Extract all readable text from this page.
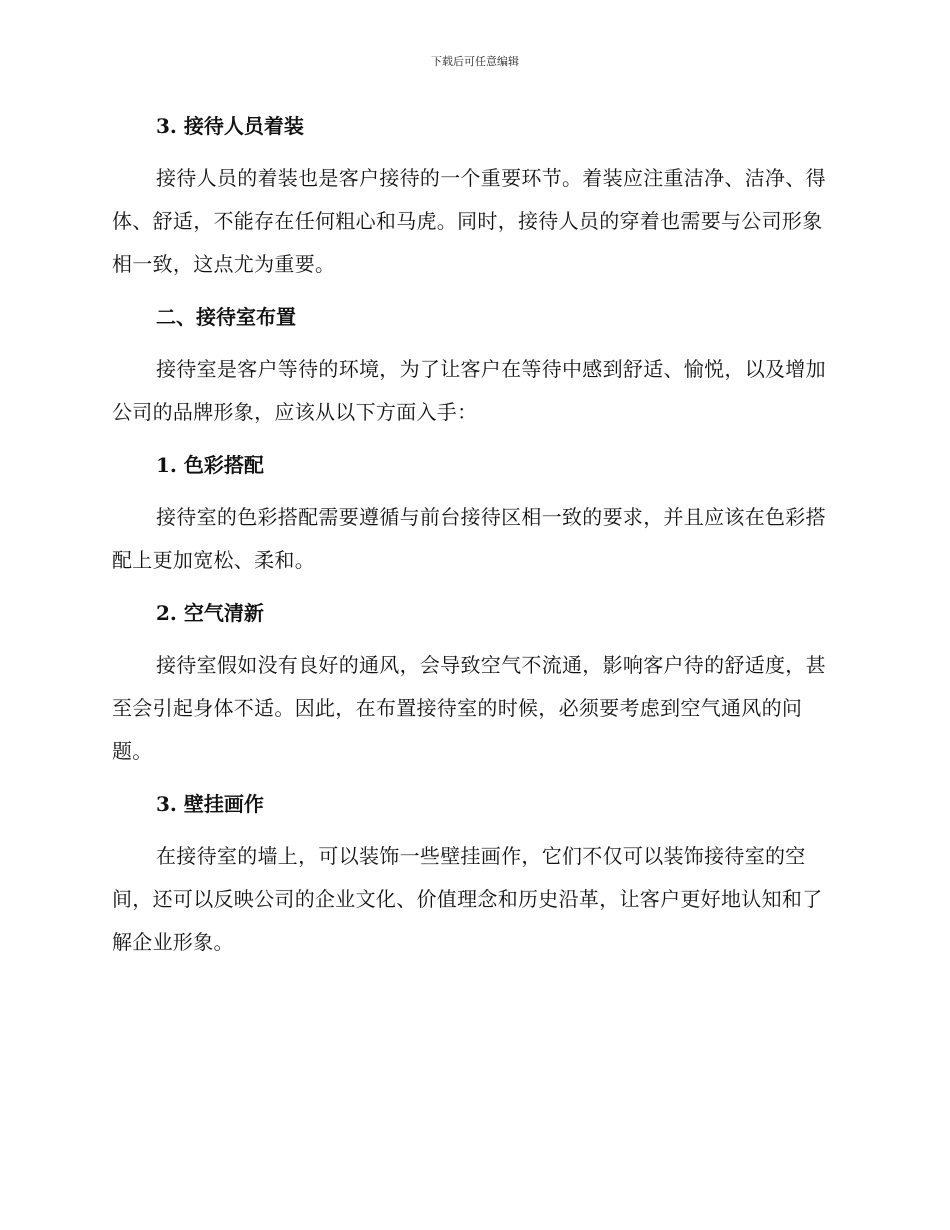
下载后可任意编辑
3. 接待人员着装

接待人员的着装也是客户接待的一个重要环节。着装应注重洁净、洁净、得体、舒适，不能存在任何粗心和马虎。同时，接待人员的穿着也需要与公司形象相一致，这点尤为重要。

二、接待室布置

接待室是客户等待的环境，为了让客户在等待中感到舒适、愉悦，以及增加公司的品牌形象，应该从以下方面入手：

1. 色彩搭配

接待室的色彩搭配需要遵循与前台接待区相一致的要求，并且应该在色彩搭配上更加宽松、柔和。

2. 空气清新

接待室假如没有良好的通风，会导致空气不流通，影响客户待的舒适度，甚至会引起身体不适。因此，在布置接待室的时候，必须要考虑到空气通风的问题。

3. 壁挂画作

在接待室的墙上，可以装饰一些壁挂画作，它们不仅可以装饰接待室的空间，还可以反映公司的企业文化、价值理念和历史沿革，让客户更好地认知和了解企业形象。
